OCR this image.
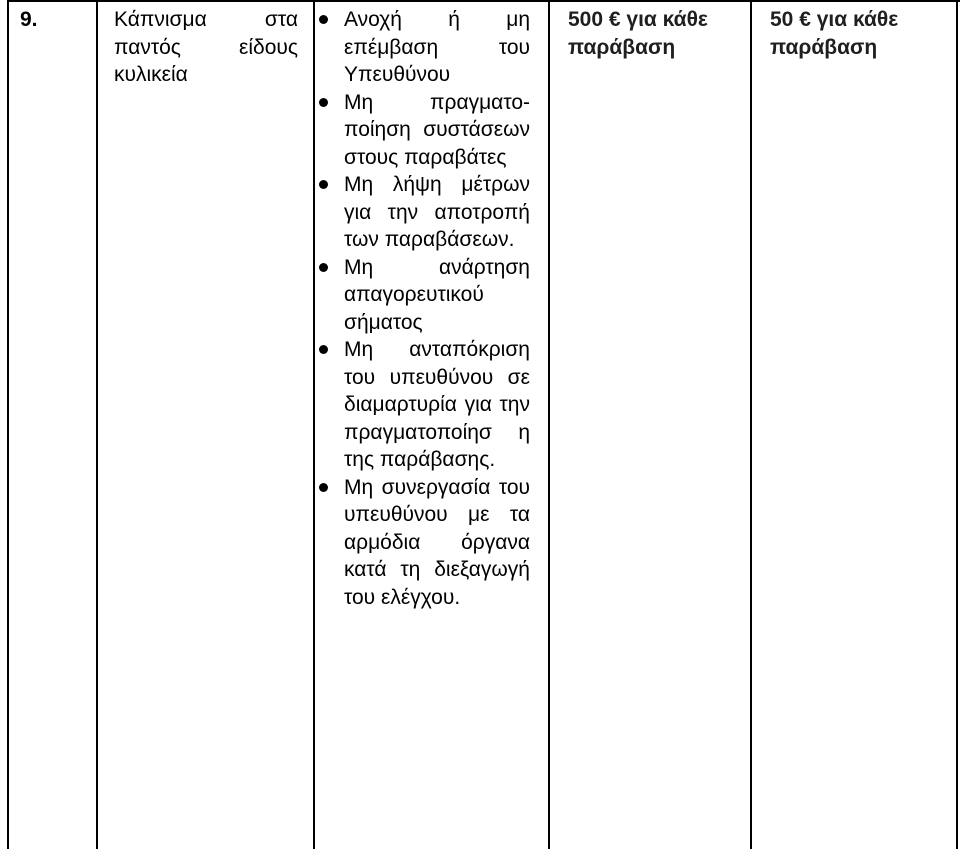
9.	Κάπνισμα στα παντός είδους κυλικεία
Ανοχή ή μη επέμβαση του Υπευθύνου
Μη πραγματο-ποίηση συστάσεων στους παραβάτες
Μη λήψη μέτρων για την αποτροπή των παραβάσεων.
Μη ανάρτηση απαγορευτικού σήματος
Μη ανταπόκριση του υπευθύνου σε διαμαρτυρία για την πραγματοποίησ η της παράβασης.
Μη συνεργασία του υπευθύνου με τα αρμόδια όργανα κατά τη διεξαγωγή του ελέγχου.
500 € για κάθε παράβαση
50 € για κάθε παράβαση
